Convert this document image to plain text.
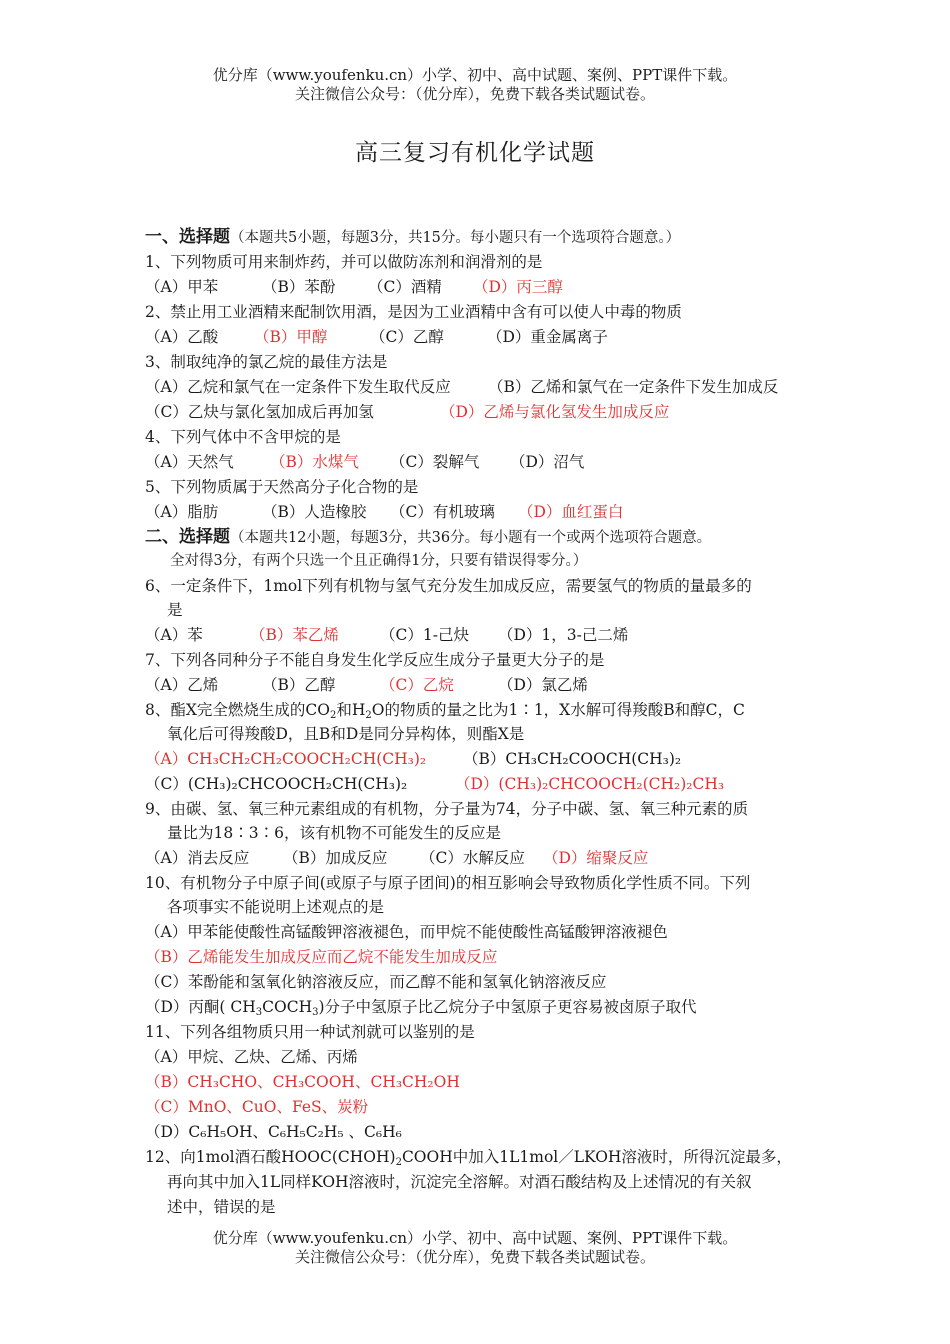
优分库（www.youfenku.cn）小学、初中、高中试题、案例、PPT课件下载。
关注微信公众号：（优分库），免费下载各类试题试卷。
高三复习有机化学试题
一、选择题（本题共5小题，每题3分，共15分。每小题只有一个选项符合题意。）
1、下列物质可用来制炸药，并可以做防冻剂和润滑剂的是
（A）甲苯	（B）苯酚 （C）酒精 （D）丙三醇
2、禁止用工业酒精来配制饮用酒，是因为工业酒精中含有可以使人中毒的物质
（A）乙酸 （B）甲醇	（C）乙醇	（D）重金属离子
3、制取纯净的氯乙烷的最佳方法是
（A）乙烷和氯气在一定条件下发生取代反应 （B）乙烯和氯气在一定条件下发生加成反
（C）乙炔与氯化氢加成后再加氢	（D）乙烯与氯化氢发生加成反应
4、下列气体中不含甲烷的是
（A）天然气 （B）水煤气 （C）裂解气 （D）沼气
5、下列物质属于天然高分子化合物的是
（A）脂肪	（B）人造橡胶 （C）有机玻璃 （D）血红蛋白
二、选择题（本题共12小题，每题3分，共36分。每小题有一个或两个选项符合题意。
全对得3分，有两个只选一个且正确得1分，只要有错误得零分。）
6、一定条件下，1mol下列有机物与氢气充分发生加成反应，需要氢气的物质的量最多的
是
（A）苯	（B）苯乙烯	（C）1-己炔 （D）1，3-己二烯
7、下列各同种分子不能自身发生化学反应生成分子量更大分子的是
（A）乙烯	（B）乙醇	（C）乙烷	（D）氯乙烯
8、酯X完全燃烧生成的$CO_2$和$H_2O$的物质的量之比为1∶1，X水解可得羧酸B和醇C，C
氧化后可得羧酸D，且B和D是同分异构体，则酯X是
（A）CH₃CH₂CH₂COOCH₂CH(CH₃)₂ （B）CH₃CH₂COOCH(CH₃)₂
（C）(CH₃)₂CHCOOCH₂CH(CH₃)₂	（D）(CH₃)₂CHCOOCH₂(CH₂)₂CH₃
9、由碳、氢、氧三种元素组成的有机物，分子量为74，分子中碳、氢、氧三种元素的质
量比为18∶3∶6，该有机物不可能发生的反应是
（A）消去反应 （B）加成反应 （C）水解反应 （D）缩聚反应
10、有机物分子中原子间(或原子与原子团间)的相互影响会导致物质化学性质不同。下列
各项事实不能说明上述观点的是
（A）甲苯能使酸性高锰酸钾溶液褪色，而甲烷不能使酸性高锰酸钾溶液褪色
（B）乙烯能发生加成反应而乙烷不能发生加成反应
（C）苯酚能和氢氧化钠溶液反应，而乙醇不能和氢氧化钠溶液反应
（D）丙酮( $CH_3COCH_3$)分子中氢原子比乙烷分子中氢原子更容易被卤原子取代
11、下列各组物质只用一种试剂就可以鉴别的是
（A）甲烷、乙炔、乙烯、丙烯
（B）CH₃CHO、CH₃COOH、CH₃CH₂OH
（C）MnO、CuO、FeS、炭粉
（D）C₆H₅OH、C₆H₅C₂H₅ 、C₆H₆
12、向1mol酒石酸$HOOC(CHOH)_2COOH$中加入1L1mol／LKOH溶液时，所得沉淀最多，
再向其中加入1L同样KOH溶液时，沉淀完全溶解。对酒石酸结构及上述情况的有关叙
述中，错误的是
优分库（www.youfenku.cn）小学、初中、高中试题、案例、PPT课件下载。
关注微信公众号：（优分库），免费下载各类试题试卷。
